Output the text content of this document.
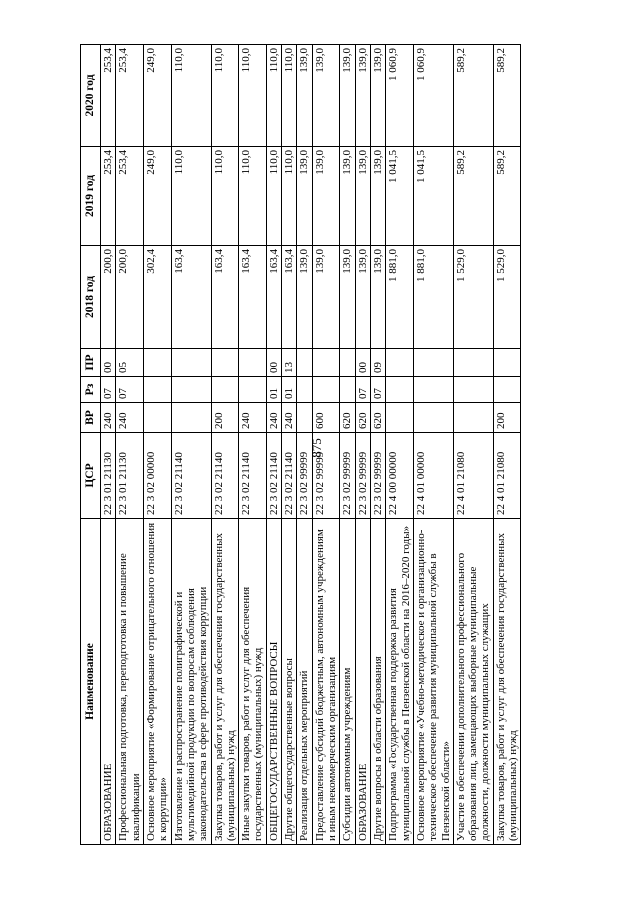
875
Наименование	ЦСР	ВР	Рз	ПР	2018 год	2019 год	2020 год
ОБРАЗОВАНИЕ	22 3 01 21130	240	07	00	200,0	253,4	253,4
Профессиональная подготовка, переподготовка и повышение квалификации	22 3 01 21130	240	07	05	200,0	253,4	253,4
Основное мероприятие «Формирование отрицательного отношения к коррупции»	22 3 02 00000				302,4	249,0	249,0
Изготовление и распространение полиграфической и мультимедийной продукции по вопросам соблюдения законодательства в сфере противодействия коррупции	22 3 02 21140				163,4	110,0	110,0
Закупка товаров, работ и услуг для обеспечения государственных (муниципальных) нужд	22 3 02 21140	200			163,4	110,0	110,0
Иные закупки товаров, работ и услуг для обеспечения государственных (муниципальных) нужд	22 3 02 21140	240			163,4	110,0	110,0
ОБЩЕГОСУДАРСТВЕННЫЕ ВОПРОСЫ	22 3 02 21140	240	01	00	163,4	110,0	110,0
Другие общегосударственные вопросы	22 3 02 21140	240	01	13	163,4	110,0	110,0
Реализация отдельных мероприятий	22 3 02 99999				139,0	139,0	139,0
Предоставление субсидий бюджетным, автономным учреждениям и иным некоммерческим организациям	22 3 02 99999	600			139,0	139,0	139,0
Субсидии автономным учреждениям	22 3 02 99999	620			139,0	139,0	139,0
ОБРАЗОВАНИЕ	22 3 02 99999	620	07	00	139,0	139,0	139,0
Другие вопросы в области образования	22 3 02 99999	620	07	09	139,0	139,0	139,0
Подпрограмма «Государственная поддержка развития муниципальной службы в Пензенской области на 2016–2020 годы»	22 4 00 00000				1 881,0	1 041,5	1 060,9
Основное мероприятие «Учебно-методическое и организационно-техническое обеспечение развития муниципальной службы в Пензенской области»	22 4 01 00000				1 881,0	1 041,5	1 060,9
Участие в обеспечении дополнительного профессионального образования лиц, замещающих выборные муниципальные должности, должности муниципальных служащих	22 4 01 21080				1 529,0	589,2	589,2
Закупка товаров, работ и услуг для обеспечения государственных (муниципальных) нужд	22 4 01 21080	200			1 529,0	589,2	589,2
